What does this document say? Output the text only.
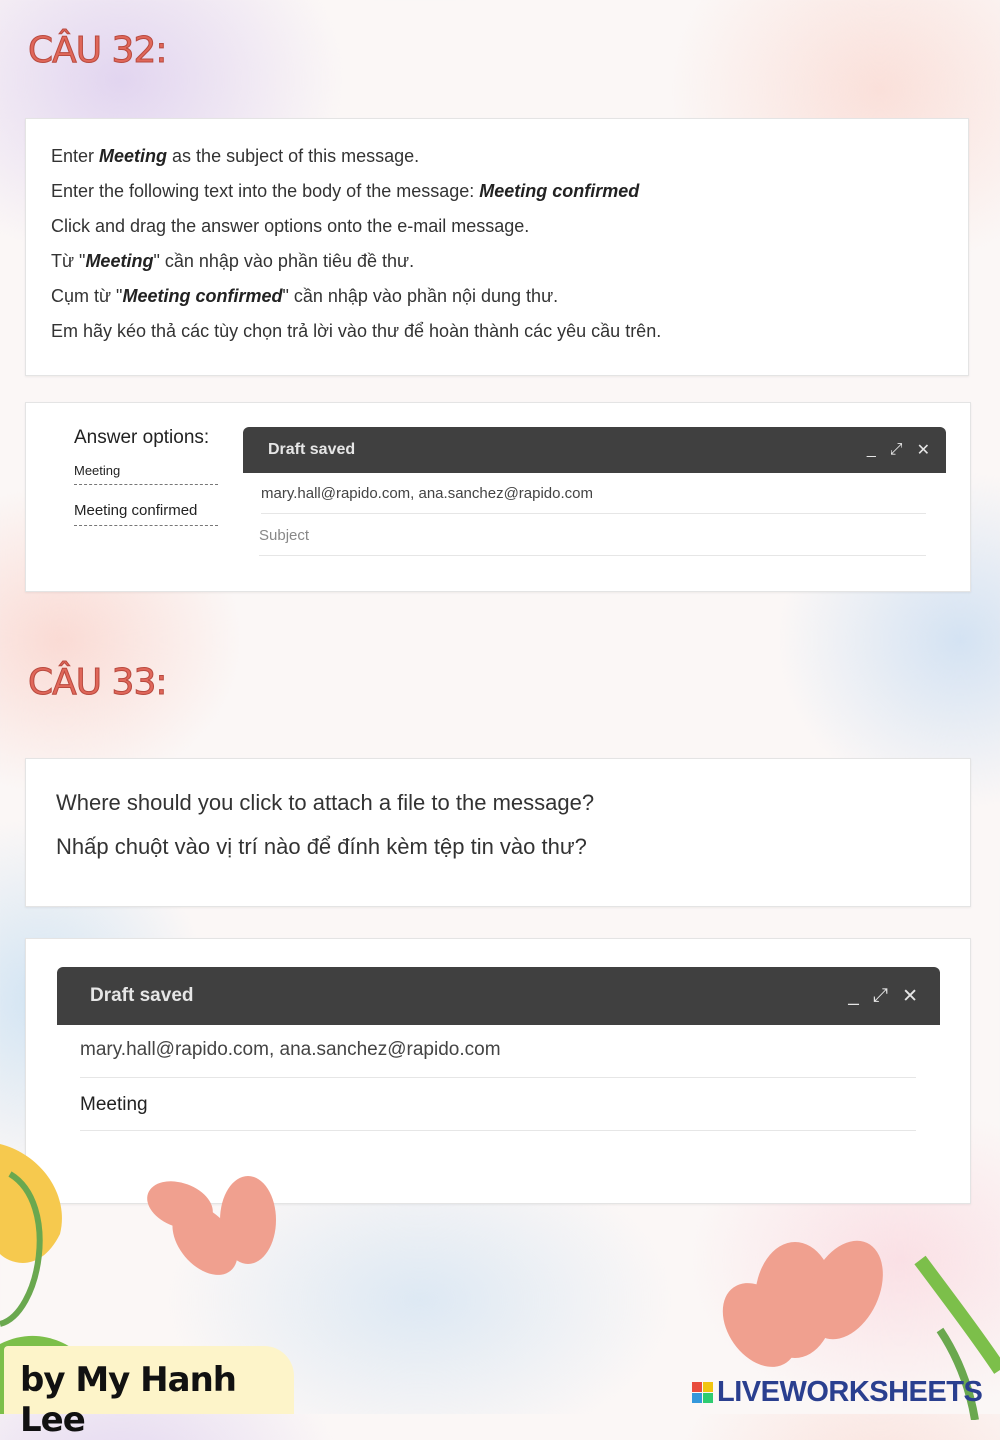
CÂU 32:

Enter Meeting as the subject of this message.

Enter the following text into the body of the message: Meeting confirmed

Click and drag the answer options onto the e-mail message.

Từ "Meeting" cần nhập vào phần tiêu đề thư.

Cụm từ "Meeting confirmed" cần nhập vào phần nội dung thư.

Em hãy kéo thả các tùy chọn trả lời vào thư để hoàn thành các yêu cầu trên.

Answer options:
Meeting
Meeting confirmed
Draft saved	_ ⤢ ✕
mary.hall@rapido.com, ana.sanchez@rapido.com
Subject
CÂU 33:
Where should you click to attach a file to the message?
Nhấp chuột vào vị trí nào để đính kèm tệp tin vào thư?
Draft saved	_ ⤢ ✕
mary.hall@rapido.com, ana.sanchez@rapido.com
Meeting
by My Hanh Lee
LIVEWORKSHEETS
